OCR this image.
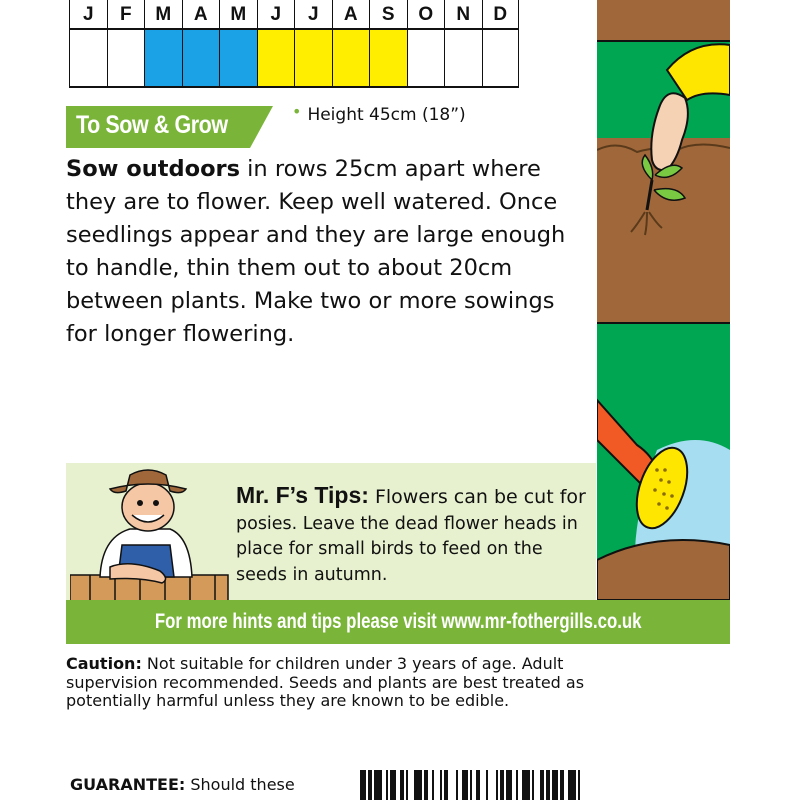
J	F	M	A	M	J	J	A	S	O	N	D
To Sow & Grow	• Height 45cm (18”)
Sow outdoors in rows 25cm apart where they are to flower. Keep well watered. Once seedlings appear and they are large enough to handle, thin them out to about 20cm between plants. Make two or more sowings for longer flowering.
Mr. F’s Tips: Flowers can be cut for
posies. Leave the dead flower heads in place for small birds to feed on the seeds in autumn.
For more hints and tips please visit www.mr-fothergills.co.uk
Caution: Not suitable for children under 3 years of age. Adult supervision recommended. Seeds and plants are best treated as potentially harmful unless they are known to be edible.
GUARANTEE: Should these
